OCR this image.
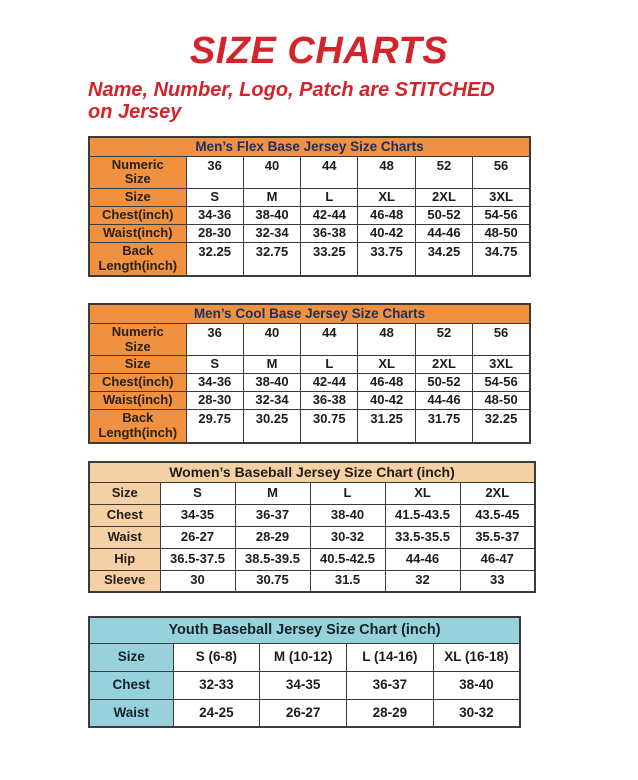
SIZE CHARTS

Name, Number, Logo, Patch are STITCHED on Jersey

Men’s Flex Base Jersey Size Charts						
Numeric Size	36	40	44	48	52	56
Size	S	M	L	XL	2XL	3XL
Chest(inch)	34-36	38-40	42-44	46-48	50-52	54-56
Waist(inch)	28-30	32-34	36-38	40-42	44-46	48-50
Back Length(inch)	32.25	32.75	33.25	33.75	34.25	34.75
Men’s Cool Base Jersey Size Charts						
Numeric Size	36	40	44	48	52	56
Size	S	M	L	XL	2XL	3XL
Chest(inch)	34-36	38-40	42-44	46-48	50-52	54-56
Waist(inch)	28-30	32-34	36-38	40-42	44-46	48-50
Back Length(inch)	29.75	30.25	30.75	31.25	31.75	32.25
Women’s Baseball Jersey Size Chart (inch)					
Size	S	M	L	XL	2XL
Chest	34-35	36-37	38-40	41.5-43.5	43.5-45
Waist	26-27	28-29	30-32	33.5-35.5	35.5-37
Hip	36.5-37.5	38.5-39.5	40.5-42.5	44-46	46-47
Sleeve	30	30.75	31.5	32	33
Youth Baseball Jersey Size Chart (inch)				
Size	S (6-8)	M (10-12)	L (14-16)	XL (16-18)
Chest	32-33	34-35	36-37	38-40
Waist	24-25	26-27	28-29	30-32
